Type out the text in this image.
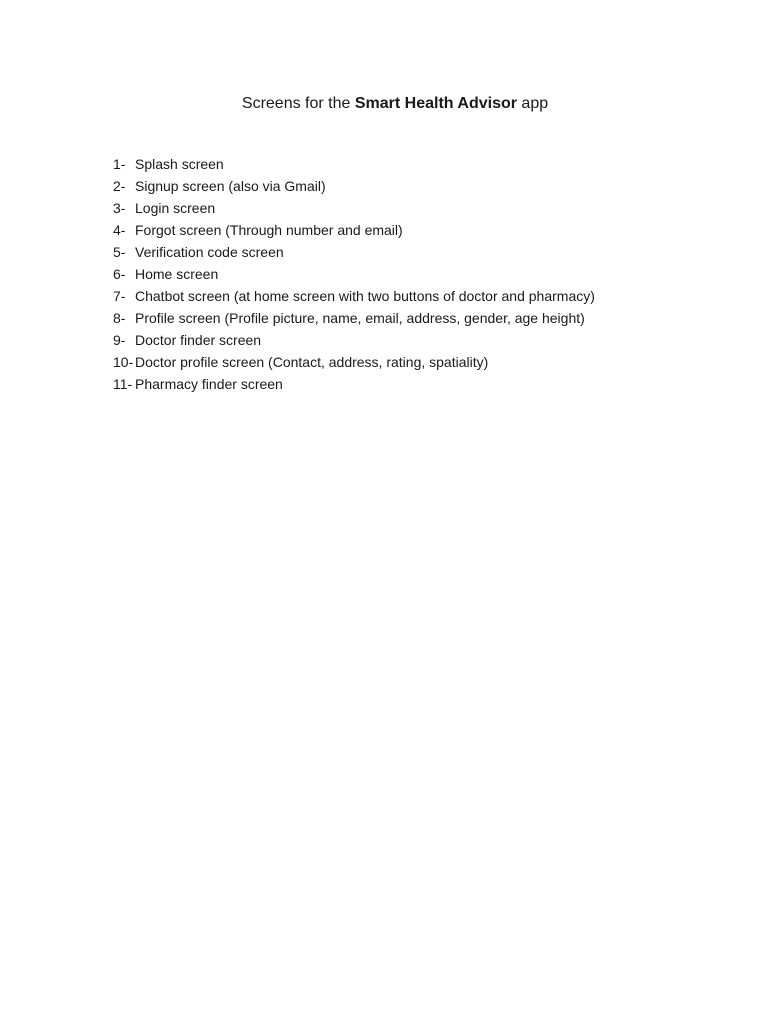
Screens for the Smart Health Advisor app
1- Splash screen
2- Signup screen (also via Gmail)
3- Login screen
4- Forgot screen (Through number and email)
5- Verification code screen
6- Home screen
7- Chatbot screen (at home screen with two buttons of doctor and pharmacy)
8- Profile screen (Profile picture, name, email, address, gender, age height)
9- Doctor finder screen
10- Doctor profile screen (Contact, address, rating, spatiality)
11- Pharmacy finder screen
